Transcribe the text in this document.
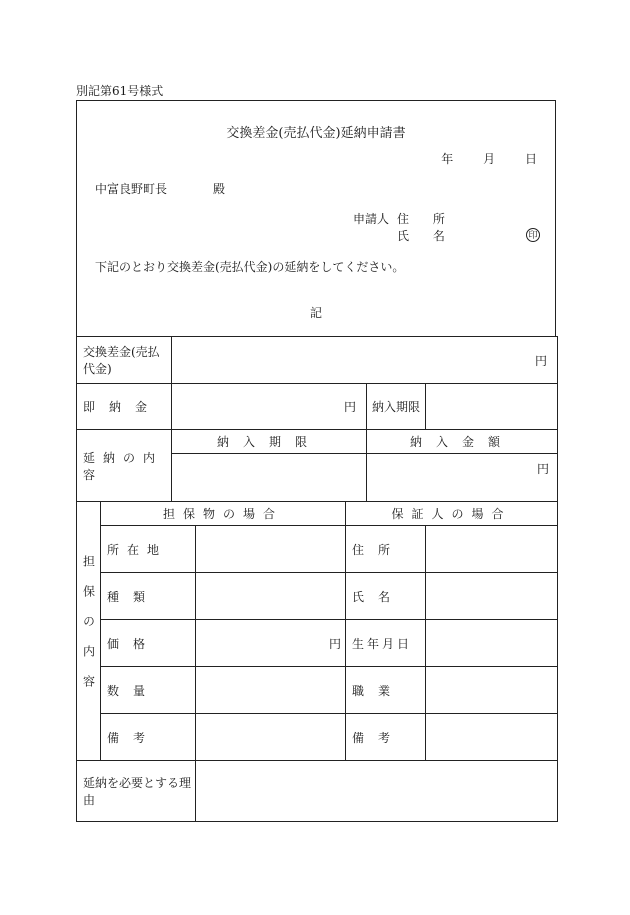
別記第61号様式
交換差金(売払代金)延納申請書
年 月 日
中富良野町長	殿
申請人 住 所
氏 名	印
下記のとおり交換差金(売払代金)の延納をしてください。
記
交換差金(売払代金)		円				
即納金		円			納入期限	
延納の内容		納入期限			納入金額	
					円	
担保の内容	担保物の場合			保証人の場合		
	所在地			住所		
	種類			氏名		
	価格		円	生年月日		
	数量			職業		
	備考			備考		
延納を必要とする理由						
